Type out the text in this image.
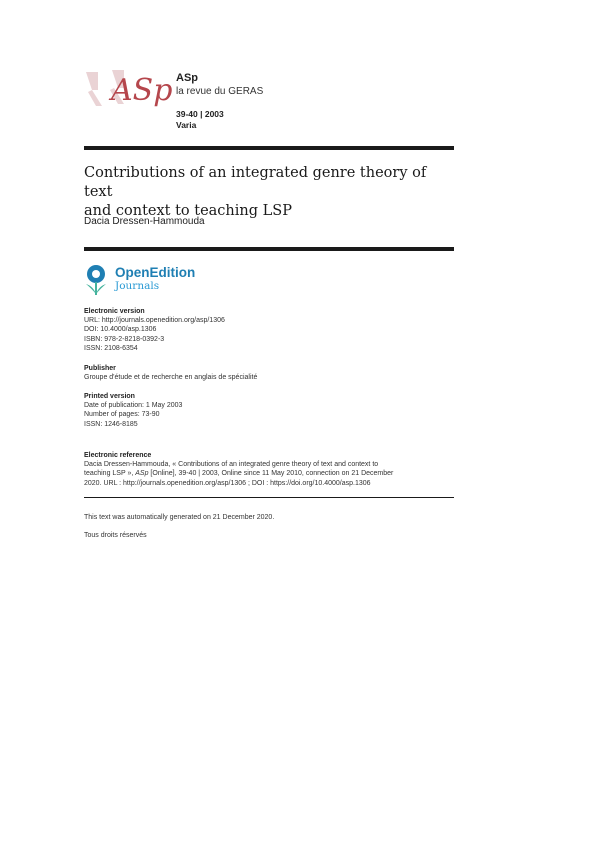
ASp ASp
la revue du GERAS
39-40 | 2003
Varia
Contributions of an integrated genre theory of text
and context to teaching LSP
Dacia Dressen-Hammouda
OpenEdition
Journals
Electronic version
URL: http://journals.openedition.org/asp/1306
DOI: 10.4000/asp.1306
ISBN: 978-2-8218-0392-3
ISSN: 2108-6354
Publisher
Groupe d'étude et de recherche en anglais de spécialité
Printed version
Date of publication: 1 May 2003
Number of pages: 73-90
ISSN: 1246-8185
Electronic reference
Dacia Dressen-Hammouda, « Contributions of an integrated genre theory of text and context to
teaching LSP », ASp [Online], 39-40 | 2003, Online since 11 May 2010, connection on 21 December
2020. URL : http://journals.openedition.org/asp/1306 ; DOI : https://doi.org/10.4000/asp.1306
This text was automatically generated on 21 December 2020.
Tous droits réservés
